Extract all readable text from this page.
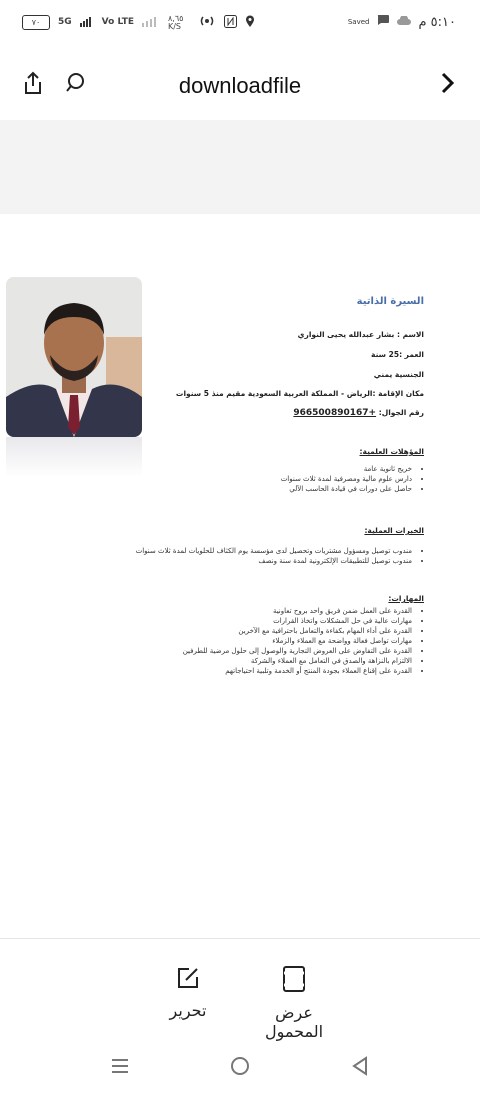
٧٠ 5G	Vo LTE	٨,٦٥ K/S	Saved	٥:١٠ م
downloadfile
السيرة الذاتية
الاسم : بشار عبدالله يحيى النواري
العمر :25 سنة
الجنسية يمني
مكان الإقامة :الرياض - المملكة العربية السعودية مقيم منذ 5 سنوات
رقم الجوال: +966500890167
المؤهلات العلمية:
• خريج ثانوية عامة
• دارس علوم مالية ومصرفية لمدة ثلاث سنوات
• حاصل على دورات في قيادة الحاسب الآلي
الخبرات العملية:
• مندوب توصيل ومسؤول مشتريات وتحصيل لدى مؤسسة يوم الكثاف للحلويات لمدة ثلاث سنوات
• مندوب توصيل للتطبيقات الإلكترونية لمدة سنة ونصف
المهارات:
• القدرة على العمل ضمن فريق واحد بروح تعاونية
• مهارات عالية في حل المشكلات واتخاذ القرارات
• القدرة على أداء المهام بكفاءة والتعامل باحترافية مع الآخرين
• مهارات تواصل فعالة وواضحة مع العملاء والزملاء
• القدرة على التفاوض على العروض التجارية والوصول إلى حلول مرضية للطرفين
• الالتزام بالنزاهة والصدق في التعامل مع العملاء والشركة
• القدرة على إقناع العملاء بجودة المنتج أو الخدمة وتلبية احتياجاتهم
تحرير	عرض المحمول
